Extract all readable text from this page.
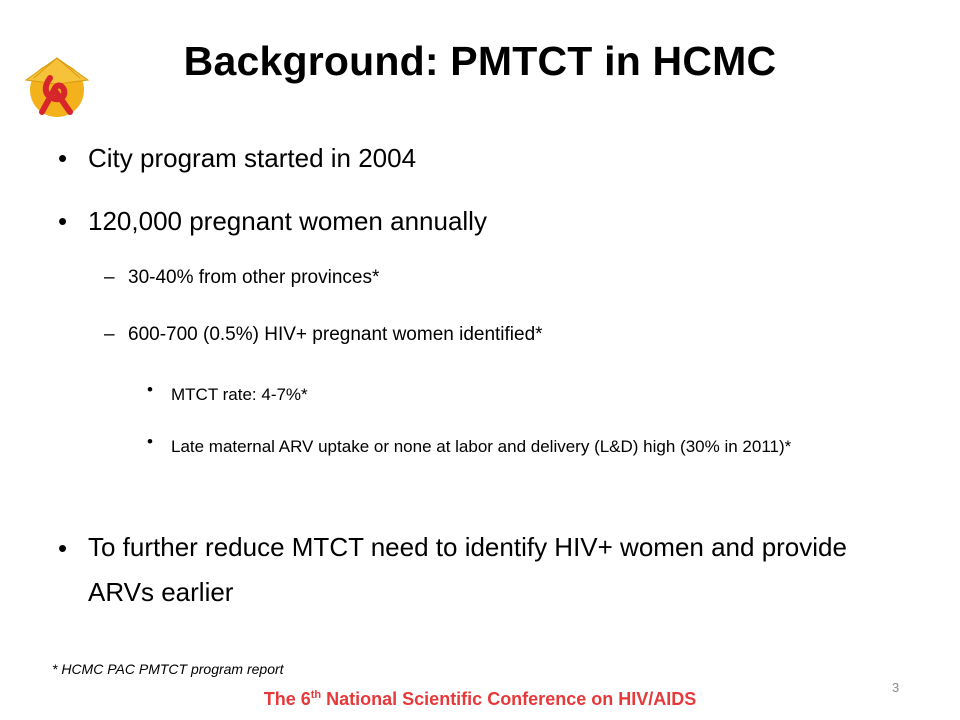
Background: PMTCT in HCMC
• City program started in 2004
• 120,000 pregnant women annually
– 30-40% from other provinces*
– 600-700 (0.5%) HIV+ pregnant women identified*
• MTCT rate: 4-7%*
• Late maternal ARV uptake or none at labor and delivery (L&D) high (30% in 2011)*
• To further reduce MTCT need to identify HIV+ women and provide ARVs earlier
* HCMC PAC PMTCT program report
3
The 6th National Scientific Conference on HIV/AIDS
